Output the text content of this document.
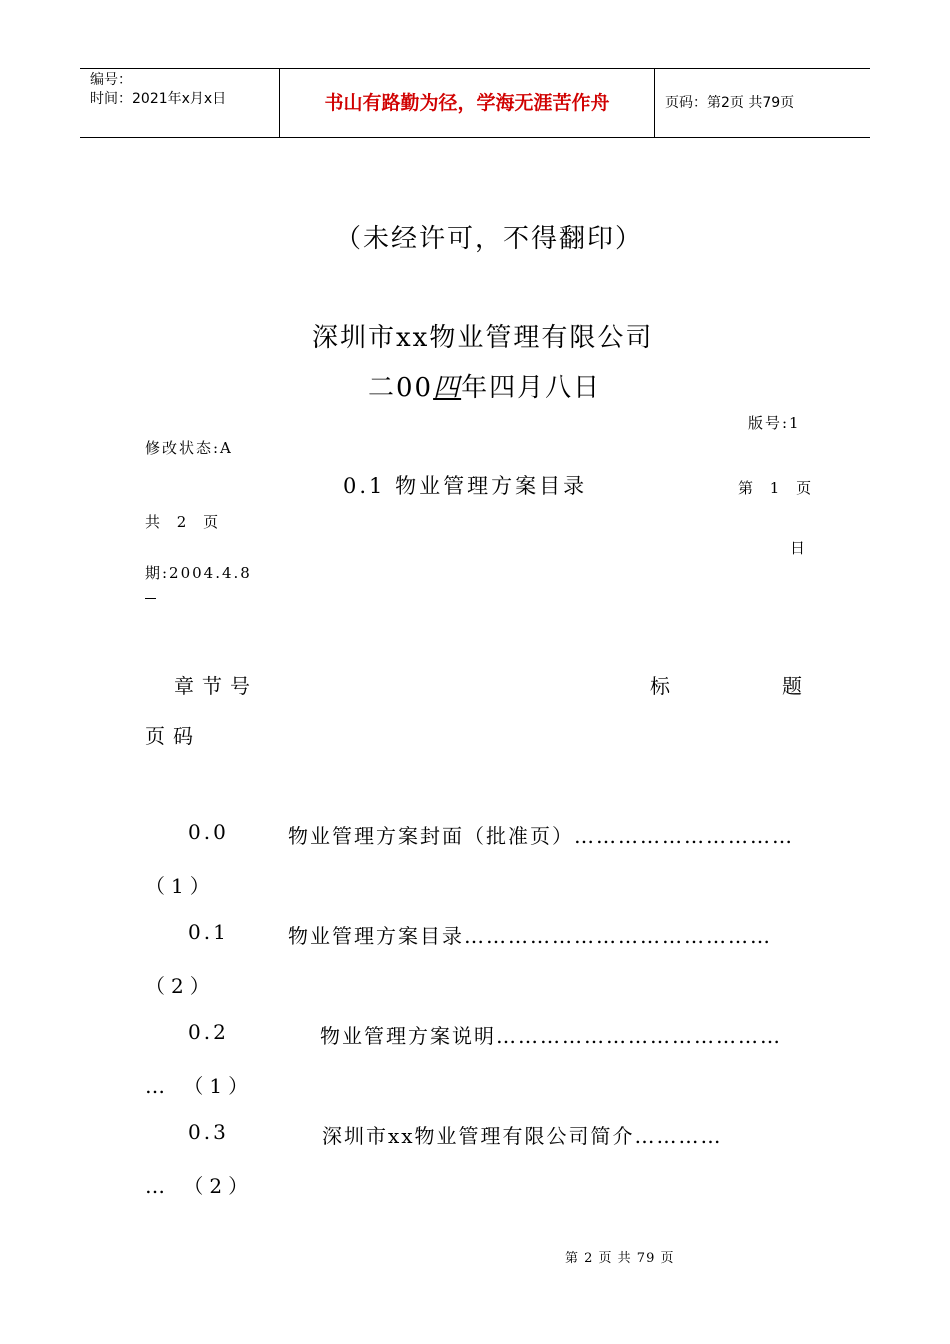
编号：
时间：2021年x月x日	书山有路勤为径，学海无涯苦作舟	页码：第2页 共79页
（未经许可，不得翻印）
深圳市xx物业管理有限公司
二00四年四月八日
版号:1
修改状态:A
0.1 物业管理方案目录	第 1 页
共 2 页
日
期:2004.4.8
章节号	标	题
页码
0.0	物业管理方案封面（批准页）…………………………
（1）
0.1	物业管理方案目录……………………………………
（2）
0.2	物业管理方案说明…………………………………
… （1）
0.3	深圳市xx物业管理有限公司简介…………
… （2）
第 2 页 共 79 页
